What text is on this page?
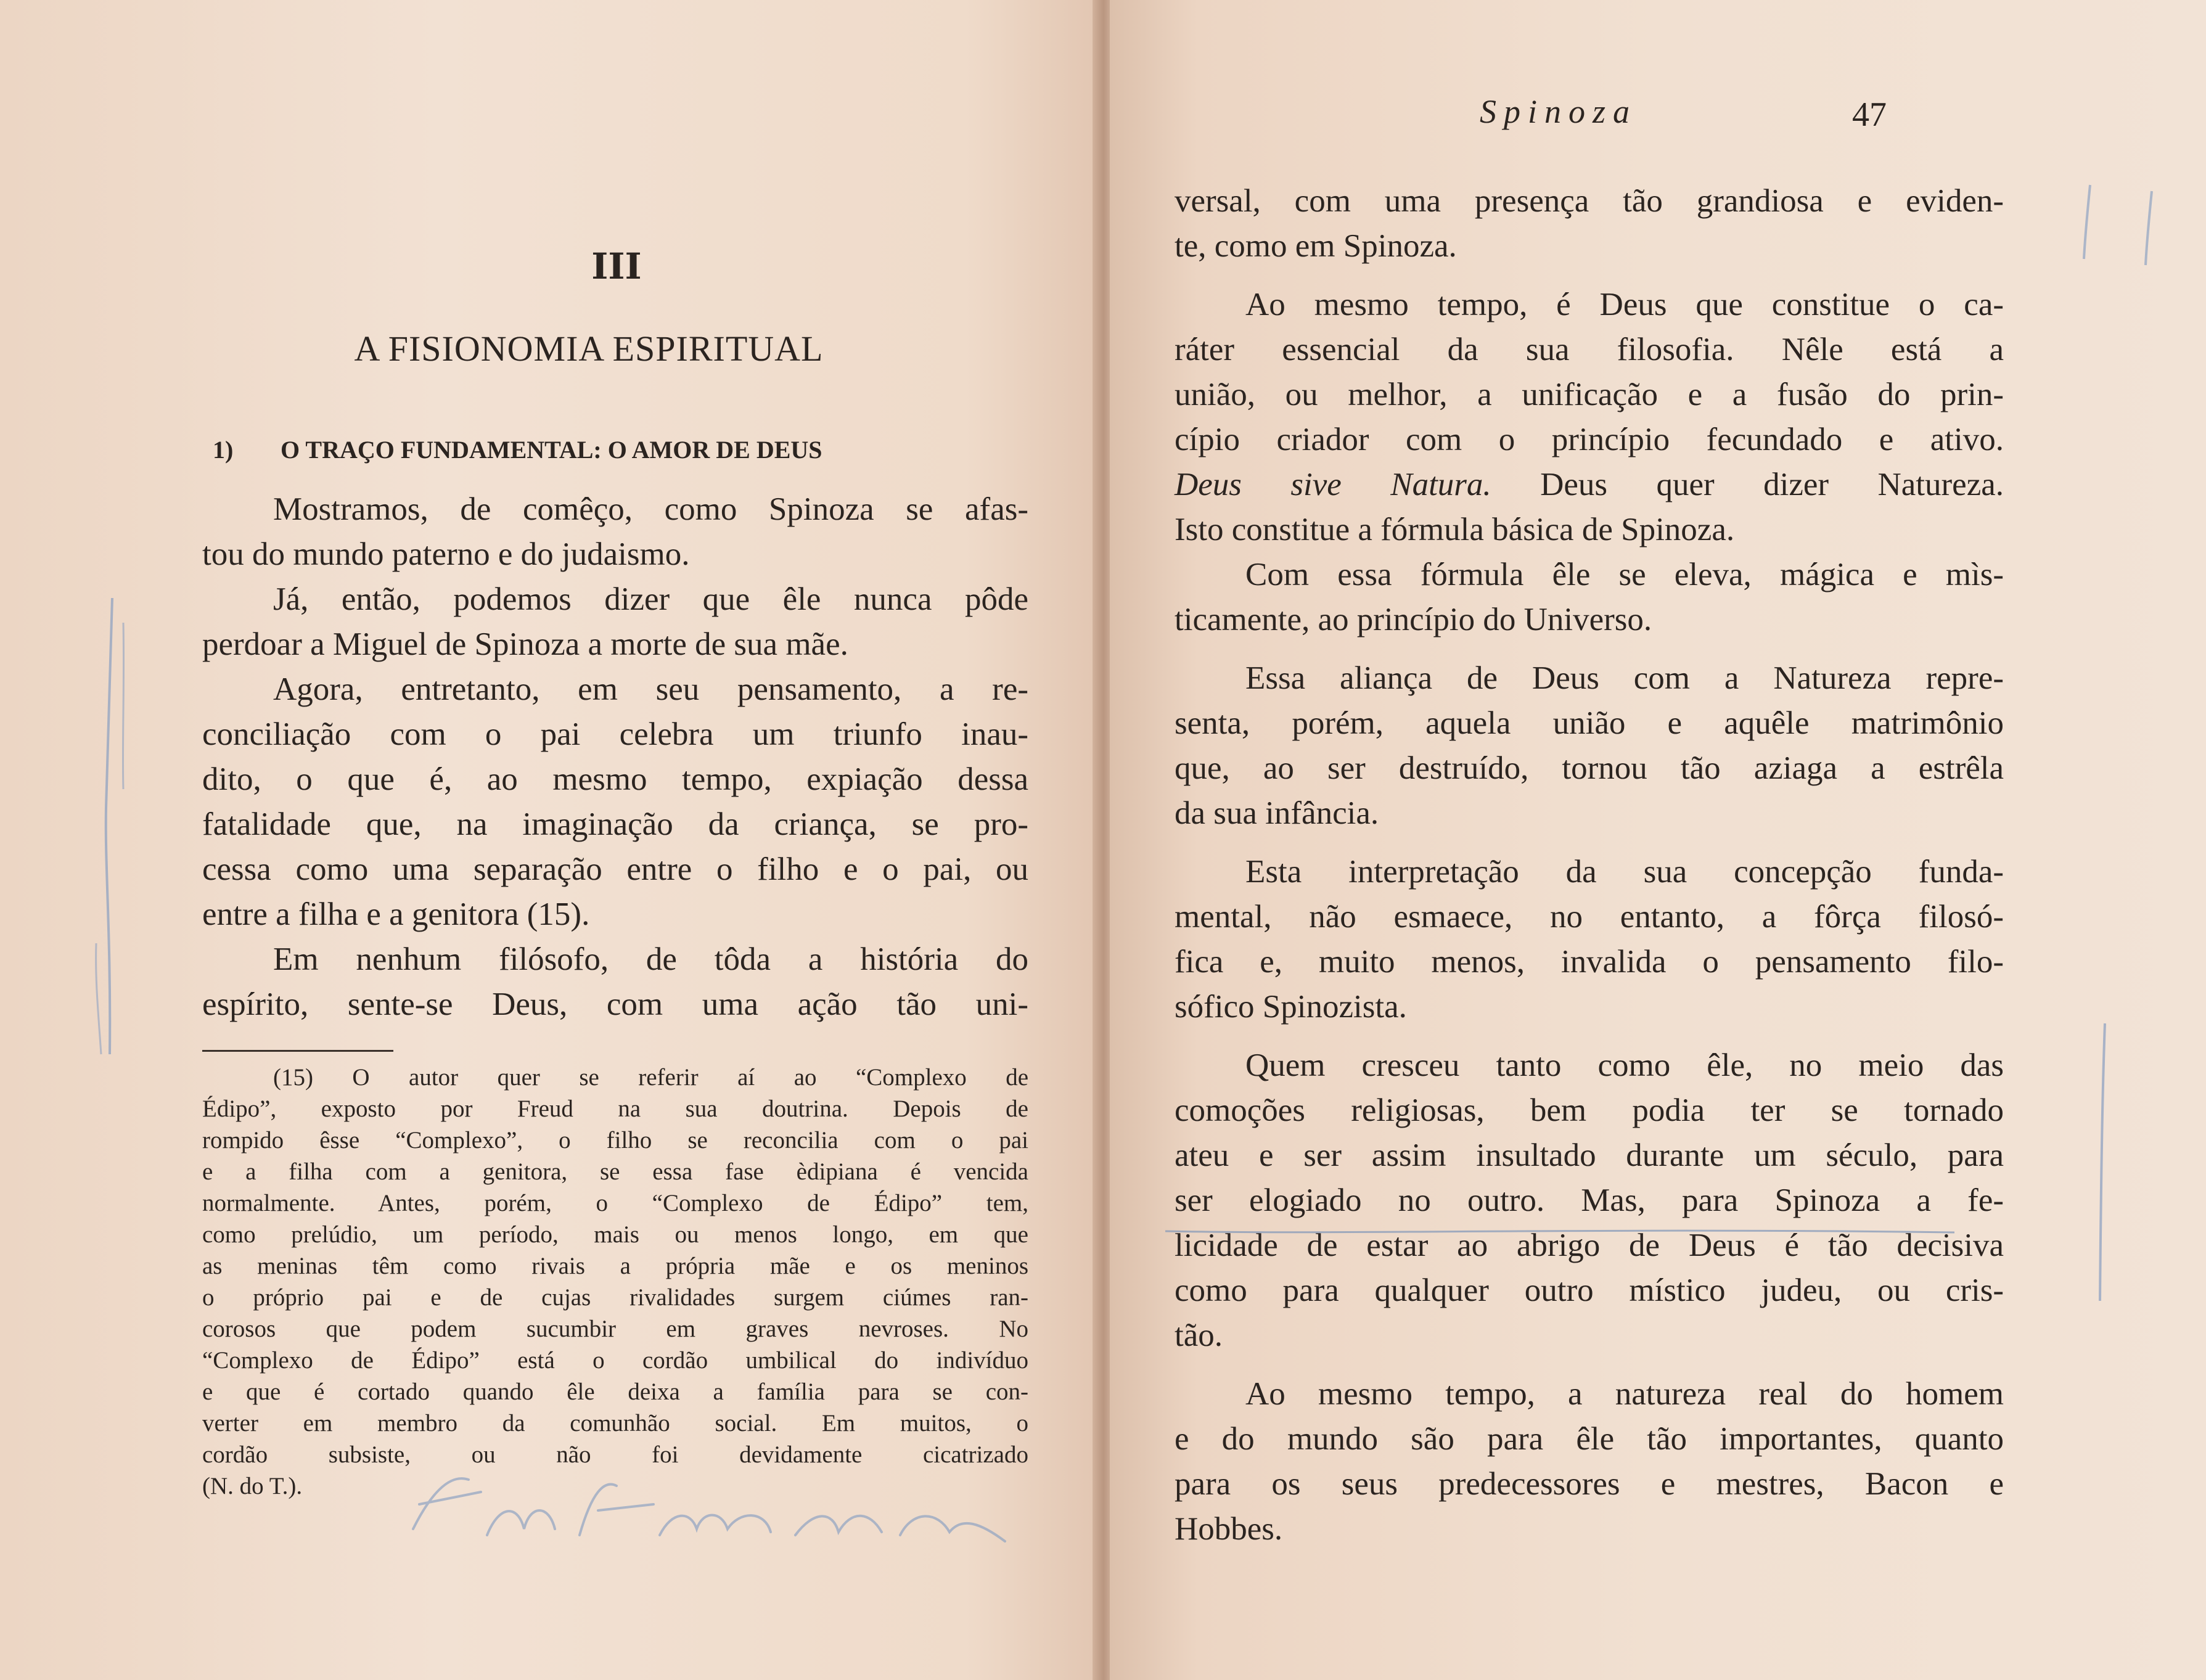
III
A FISIONOMIA ESPIRITUAL
1) O TRAÇO FUNDAMENTAL: O AMOR DE DEUS
Mostramos, de comêço, como Spinoza se afas-
tou do mundo paterno e do judaismo.
Já, então, podemos dizer que êle nunca pôde
perdoar a Miguel de Spinoza a morte de sua mãe.
Agora, entretanto, em seu pensamento, a re-
conciliação com o pai celebra um triunfo inau-
dito, o que é, ao mesmo tempo, expiação dessa
fatalidade que, na imaginação da criança, se pro-
cessa como uma separação entre o filho e o pai, ou
entre a filha e a genitora (15).
Em nenhum filósofo, de tôda a história do
espírito, sente-se Deus, com uma ação tão uni-
(15) O autor quer se referir aí ao “Complexo de
Édipo”, exposto por Freud na sua doutrina. Depois de
rompido êsse “Complexo”, o filho se reconcilia com o pai
e a filha com a genitora, se essa fase èdipiana é vencida
normalmente. Antes, porém, o “Complexo de Édipo” tem,
como prelúdio, um período, mais ou menos longo, em que
as meninas têm como rivais a própria mãe e os meninos
o próprio pai e de cujas rivalidades surgem ciúmes ran-
corosos que podem sucumbir em graves nevroses. No
“Complexo de Édipo” está o cordão umbilical do indivíduo
e que é cortado quando êle deixa a família para se con-
verter em membro da comunhão social. Em muitos, o
cordão subsiste, ou não foi devidamente cicatrizado
(N. do T.).
Spinoza	47
versal, com uma presença tão grandiosa e eviden-
te, como em Spinoza.
Ao mesmo tempo, é Deus que constitue o ca-
ráter essencial da sua filosofia. Nêle está a
união, ou melhor, a unificação e a fusão do prin-
cípio criador com o princípio fecundado e ativo.
Deus sive Natura. Deus quer dizer Natureza.
Isto constitue a fórmula básica de Spinoza.
Com essa fórmula êle se eleva, mágica e mìs-
ticamente, ao princípio do Universo.
Essa aliança de Deus com a Natureza repre-
senta, porém, aquela união e aquêle matrimônio
que, ao ser destruído, tornou tão aziaga a estrêla
da sua infância.
Esta interpretação da sua concepção funda-
mental, não esmaece, no entanto, a fôrça filosó-
fica e, muito menos, invalida o pensamento filo-
sófico Spinozista.
Quem cresceu tanto como êle, no meio das
comoções religiosas, bem podia ter se tornado
ateu e ser assim insultado durante um século, para
ser elogiado no outro. Mas, para Spinoza a fe-
licidade de estar ao abrigo de Deus é tão decisiva
como para qualquer outro místico judeu, ou cris-
tão.
Ao mesmo tempo, a natureza real do homem
e do mundo são para êle tão importantes, quanto
para os seus predecessores e mestres, Bacon e
Hobbes.
